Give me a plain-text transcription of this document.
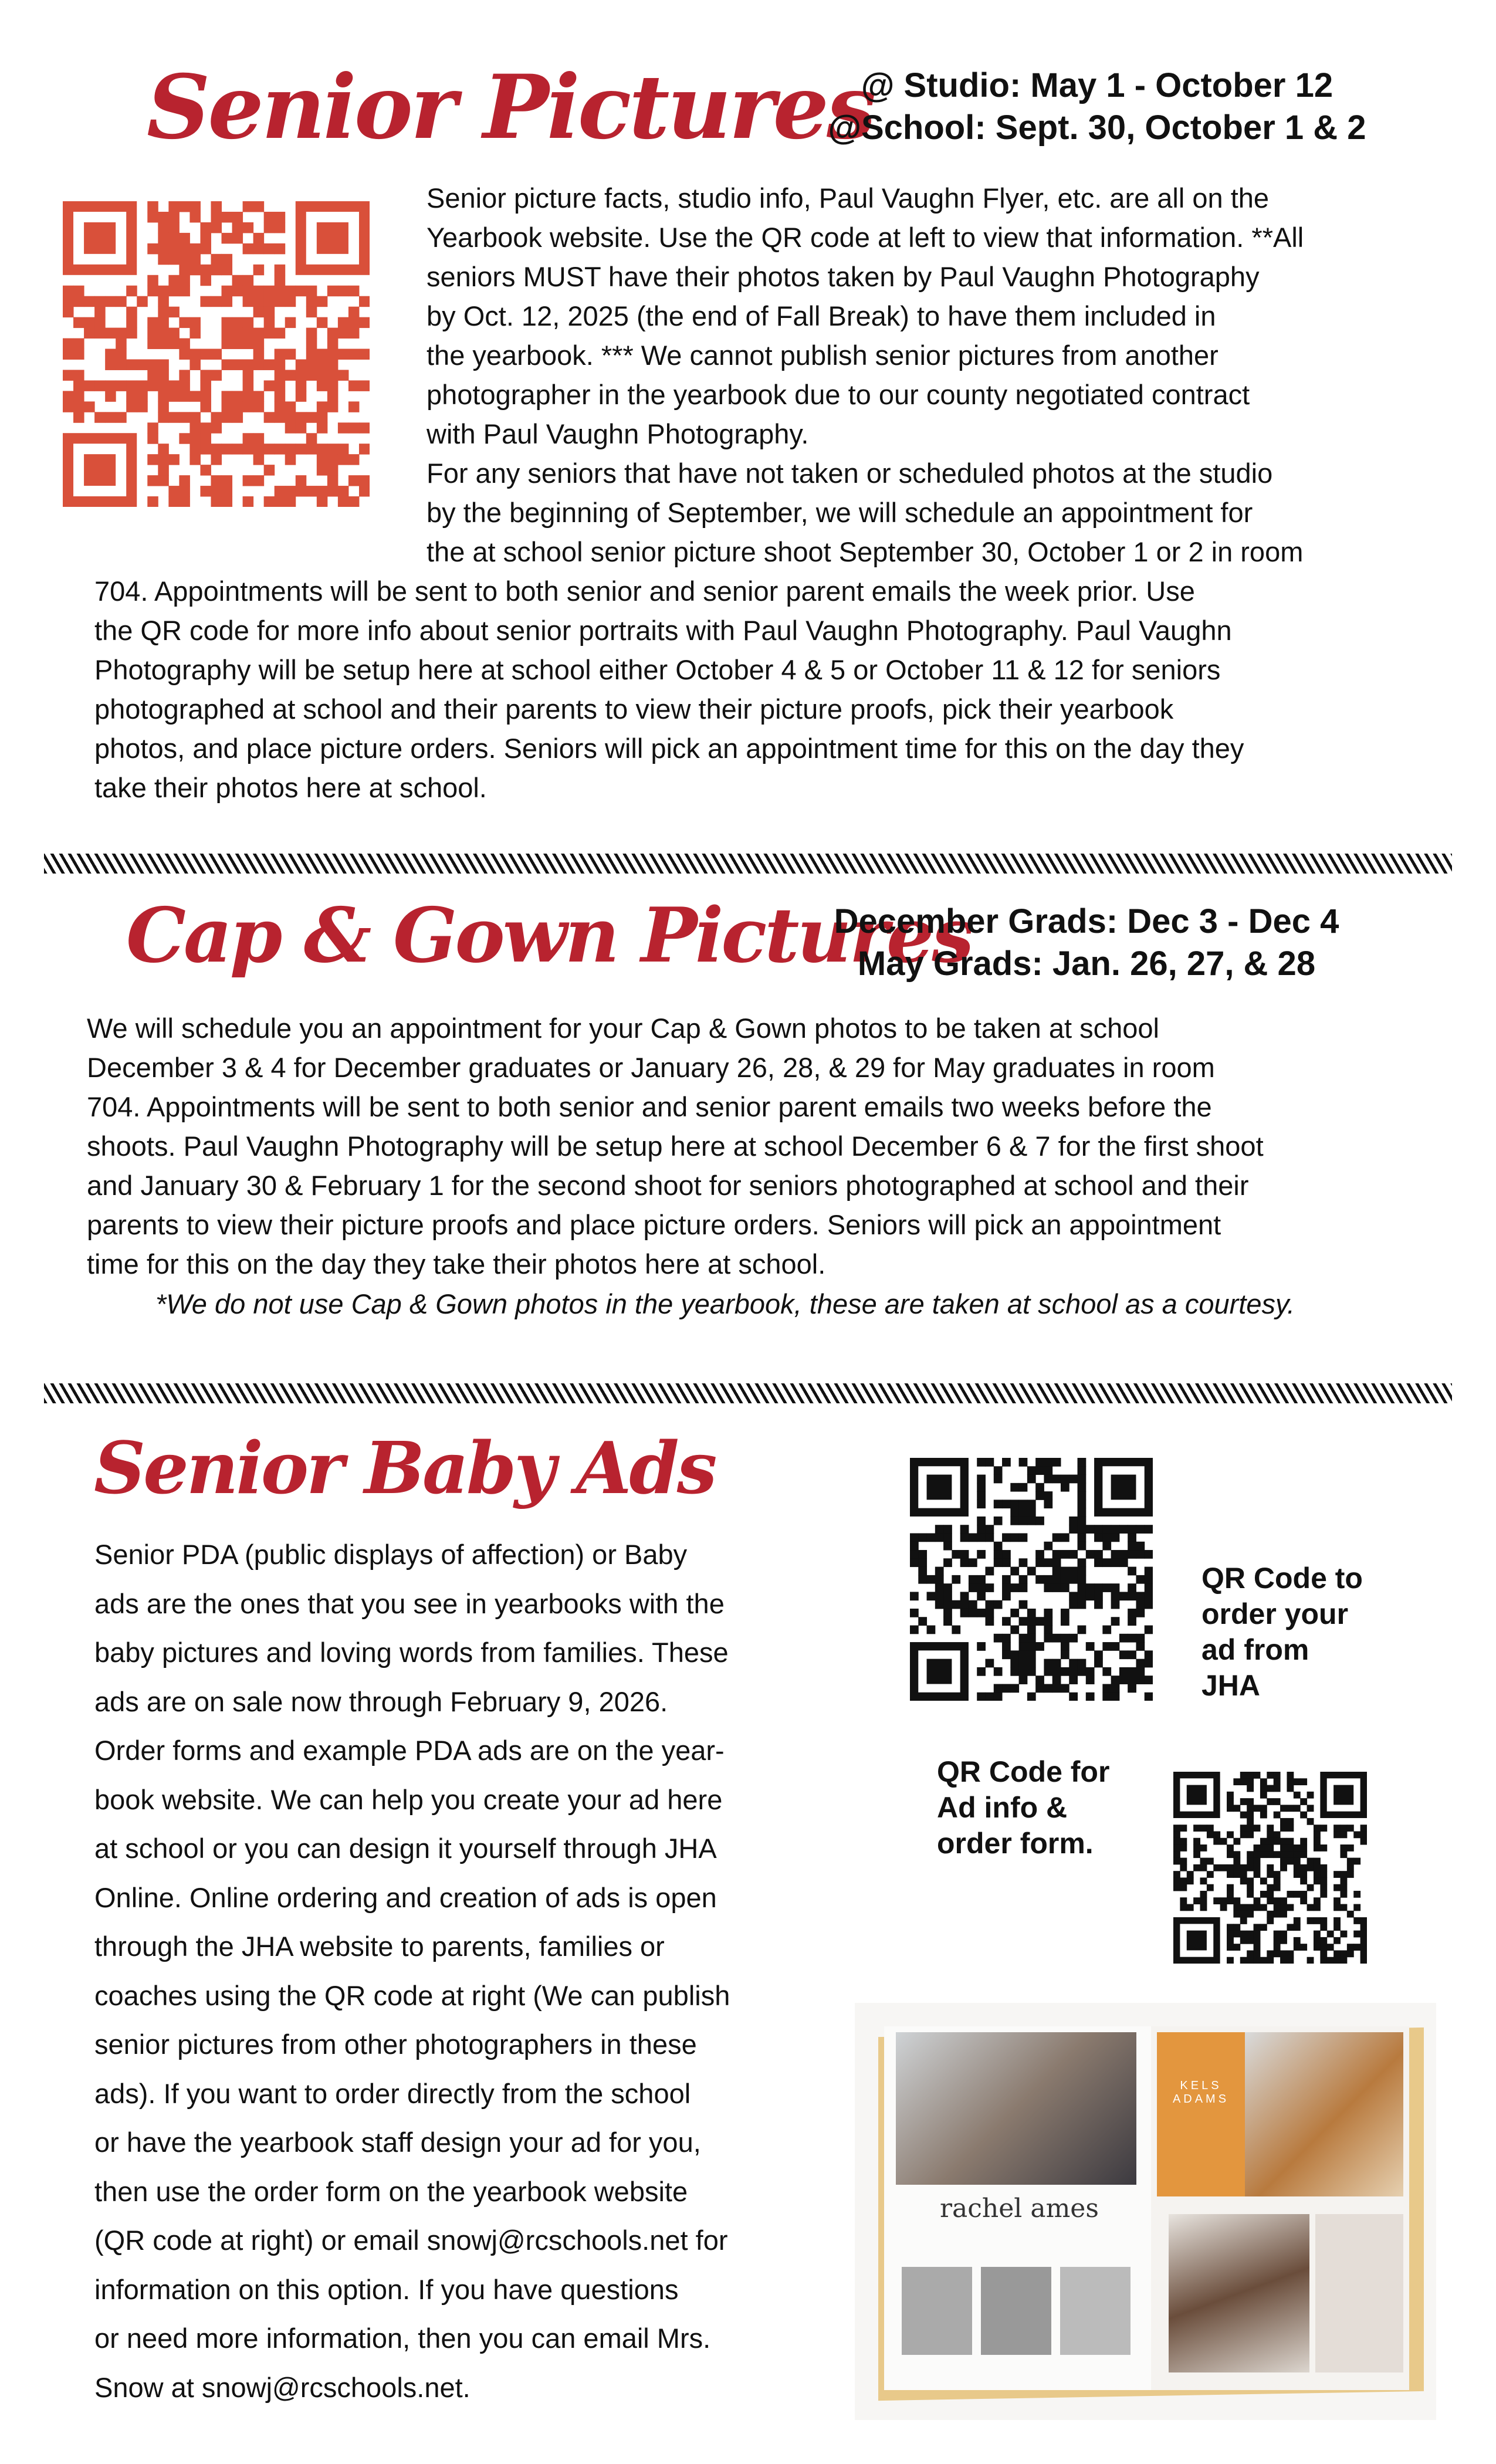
Senior Pictures
@ Studio: May 1 - October 12
@School: Sept. 30, October 1 & 2
Senior picture facts, studio info, Paul Vaughn Flyer, etc. are all on the
Yearbook website. Use the QR code at left to view that information. **All
seniors MUST have their photos taken by Paul Vaughn Photography
by Oct. 12, 2025 (the end of Fall Break) to have them included in
the yearbook. *** We cannot publish senior pictures from another
photographer in the yearbook due to our county negotiated contract
with Paul Vaughn Photography.
For any seniors that have not taken or scheduled photos at the studio
by the beginning of September, we will schedule an appointment for
the at school senior picture shoot September 30, October 1 or 2 in room
704. Appointments will be sent to both senior and senior parent emails the week prior. Use
the QR code for more info about senior portraits with Paul Vaughn Photography. Paul Vaughn
Photography will be setup here at school either October 4 & 5 or October 11 & 12 for seniors
photographed at school and their parents to view their picture proofs, pick their yearbook
photos, and place picture orders. Seniors will pick an appointment time for this on the day they
take their photos here at school.
Cap & Gown Pictures
December Grads: Dec 3 - Dec 4
May Grads: Jan. 26, 27, & 28
We will schedule you an appointment for your Cap & Gown photos to be taken at school
December 3 & 4 for December graduates or January 26, 28, & 29 for May graduates in room
704. Appointments will be sent to both senior and senior parent emails two weeks before the
shoots. Paul Vaughn Photography will be setup here at school December 6 & 7 for the first shoot
and January 30 & February 1 for the second shoot for seniors photographed at school and their
parents to view their picture proofs and place picture orders. Seniors will pick an appointment
time for this on the day they take their photos here at school.
*We do not use Cap & Gown photos in the yearbook, these are taken at school as a courtesy.
Senior Baby Ads
Senior PDA (public displays of affection) or Baby
ads are the ones that you see in yearbooks with the
baby pictures and loving words from families. These
ads are on sale now through February 9, 2026.
Order forms and example PDA ads are on the year-
book website. We can help you create your ad here
at school or you can design it yourself through JHA
Online. Online ordering and creation of ads is open
through the JHA website to parents, families or
coaches using the QR code at right (We can publish
senior pictures from other photographers in these
ads). If you want to order directly from the school
or have the yearbook staff design your ad for you,
then use the order form on the yearbook website
(QR code at right) or email snowj@rcschools.net for
information on this option. If you have questions
or need more information, then you can email Mrs.
Snow at snowj@rcschools.net.
QR Code to
order your
ad from
JHA
QR Code for
Ad info &
order form.
rachel ames
KELS ADAMS
